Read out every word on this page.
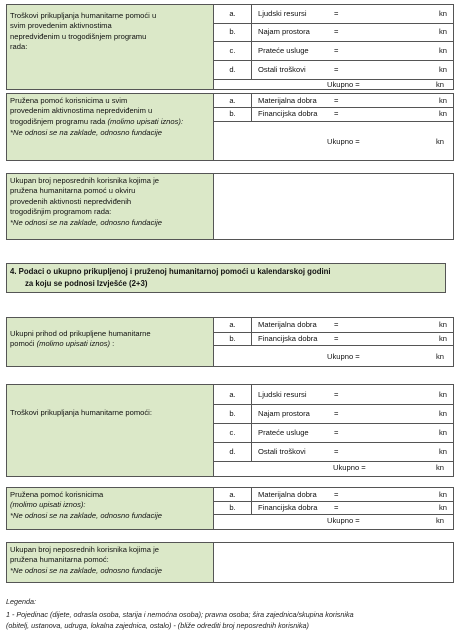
Troškovi prikupljanja humanitarne pomoći u
svim provedenim aktivnostima
nepredviđenim u trogodišnjem programu
rada:
a.	Ljudski resursi	=	kn
b.	Najam prostora	=	kn
c.	Prateće usluge	=	kn
d.	Ostali troškovi	=	kn
Ukupno =	kn
Pružena pomoć korisnicima u svim
provedenim aktivnostima nepredviđenim u
trogodišnjem programu rada (molimo upisati iznos):
*Ne odnosi se na zaklade, odnosno fundacije
a.	Materijalna dobra =	kn
b.	Financijska dobra =	kn
Ukupno =	kn
Ukupan broj neposrednih korisnika kojima je
pružena humanitarna pomoć u okviru
provedenih aktivnosti nepredviđenih
trogodišnjim programom rada:
*Ne odnosi se na zaklade, odnosno fundacije
4. Podaci o ukupno prikupljenoj i pruženoj humanitarnoj pomoći u kalendarskoj godini
za koju se podnosi Izvješće (2+3)
Ukupni prihod od prikupljene humanitarne
pomoći (molimo upisati iznos) :
a.	Materijalna dobra =	kn
b.	Financijska dobra =	kn
Ukupno =	kn
Troškovi prikupljanja humanitarne pomoći:
a.	Ljudski resursi	=	kn
b.	Najam prostora	=	kn
c.	Prateće usluge	=	kn
d.	Ostali troškovi	=	kn
Ukupno =	kn
Pružena pomoć korisnicima
(molimo upisati iznos):
*Ne odnosi se na zaklade, odnosno fundacije
a.	Materijalna dobra =	kn
b.	Financijska dobra =	kn
Ukupno =	kn
Ukupan broj neposrednih korisnika kojima je
pružena humanitarna pomoć:
*Ne odnosi se na zaklade, odnosno fundacije
Legenda:
1 - Pojedinac (dijete, odrasla osoba, starija i nemoćna osoba); pravna osoba; šira zajednica/skupina korisnika
(obitelj, ustanova, udruga, lokalna zajednica, ostalo) - (bliže odrediti broj neposrednih korisnika)
